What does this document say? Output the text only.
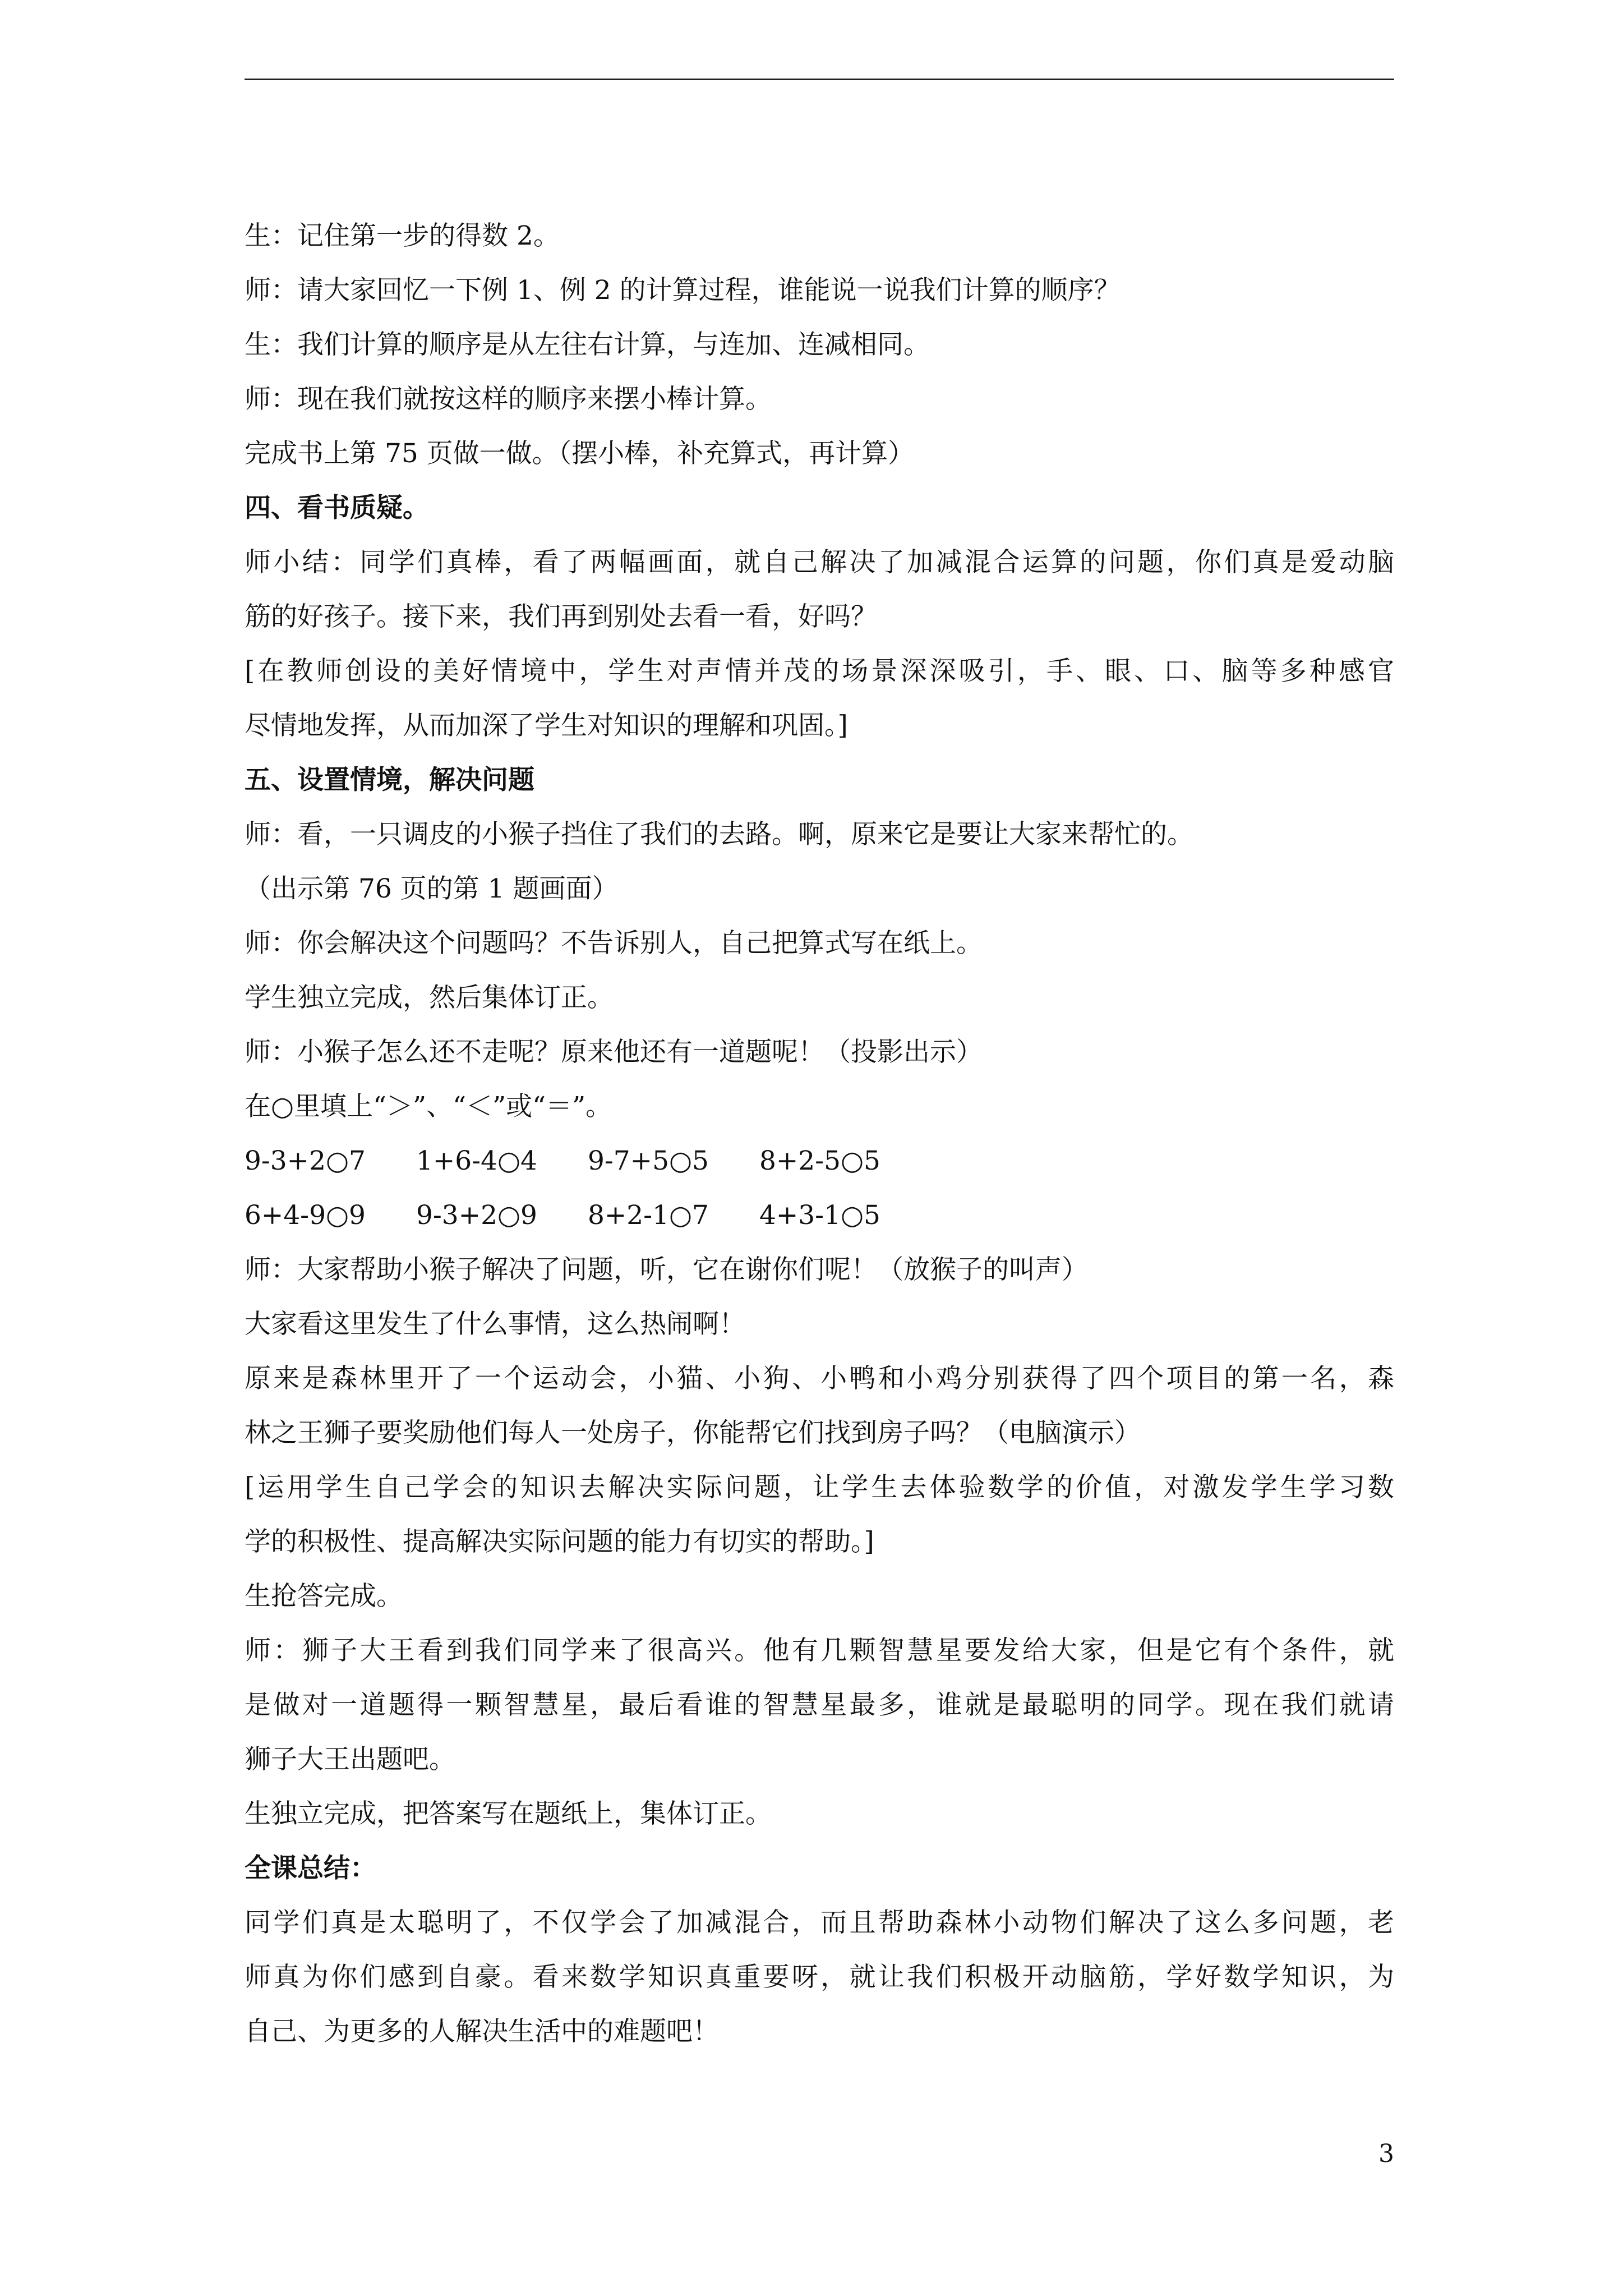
生：记住第一步的得数 2。
师：请大家回忆一下例 1、例 2 的计算过程，谁能说一说我们计算的顺序？
生：我们计算的顺序是从左往右计算，与连加、连减相同。
师：现在我们就按这样的顺序来摆小棒计算。
完成书上第 75 页做一做。（摆小棒，补充算式，再计算）
四、看书质疑。
师小结：同学们真棒，看了两幅画面，就自己解决了加减混合运算的问题，你们真是爱动脑
筋的好孩子。接下来，我们再到别处去看一看，好吗？
[在教师创设的美好情境中，学生对声情并茂的场景深深吸引，手、眼、口、脑等多种感官
尽情地发挥，从而加深了学生对知识的理解和巩固。]
五、设置情境，解决问题
师：看，一只调皮的小猴子挡住了我们的去路。啊，原来它是要让大家来帮忙的。
（出示第 76 页的第 1 题画面）
师：你会解决这个问题吗？不告诉别人，自己把算式写在纸上。
学生独立完成，然后集体订正。
师：小猴子怎么还不走呢？原来他还有一道题呢！（投影出示）
在○里填上“＞”、“＜”或“＝”。
9-3+2○7	1+6-4○4	9-7+5○5	8+2-5○5
6+4-9○9	9-3+2○9	8+2-1○7	4+3-1○5
师：大家帮助小猴子解决了问题，听，它在谢你们呢！（放猴子的叫声）
大家看这里发生了什么事情，这么热闹啊！
原来是森林里开了一个运动会，小猫、小狗、小鸭和小鸡分别获得了四个项目的第一名，森
林之王狮子要奖励他们每人一处房子，你能帮它们找到房子吗？（电脑演示）
[运用学生自己学会的知识去解决实际问题，让学生去体验数学的价值，对激发学生学习数
学的积极性、提高解决实际问题的能力有切实的帮助。]
生抢答完成。
师：狮子大王看到我们同学来了很高兴。他有几颗智慧星要发给大家，但是它有个条件，就
是做对一道题得一颗智慧星，最后看谁的智慧星最多，谁就是最聪明的同学。现在我们就请
狮子大王出题吧。
生独立完成，把答案写在题纸上，集体订正。
全课总结：
同学们真是太聪明了，不仅学会了加减混合，而且帮助森林小动物们解决了这么多问题，老
师真为你们感到自豪。看来数学知识真重要呀，就让我们积极开动脑筋，学好数学知识，为
自己、为更多的人解决生活中的难题吧！
3
